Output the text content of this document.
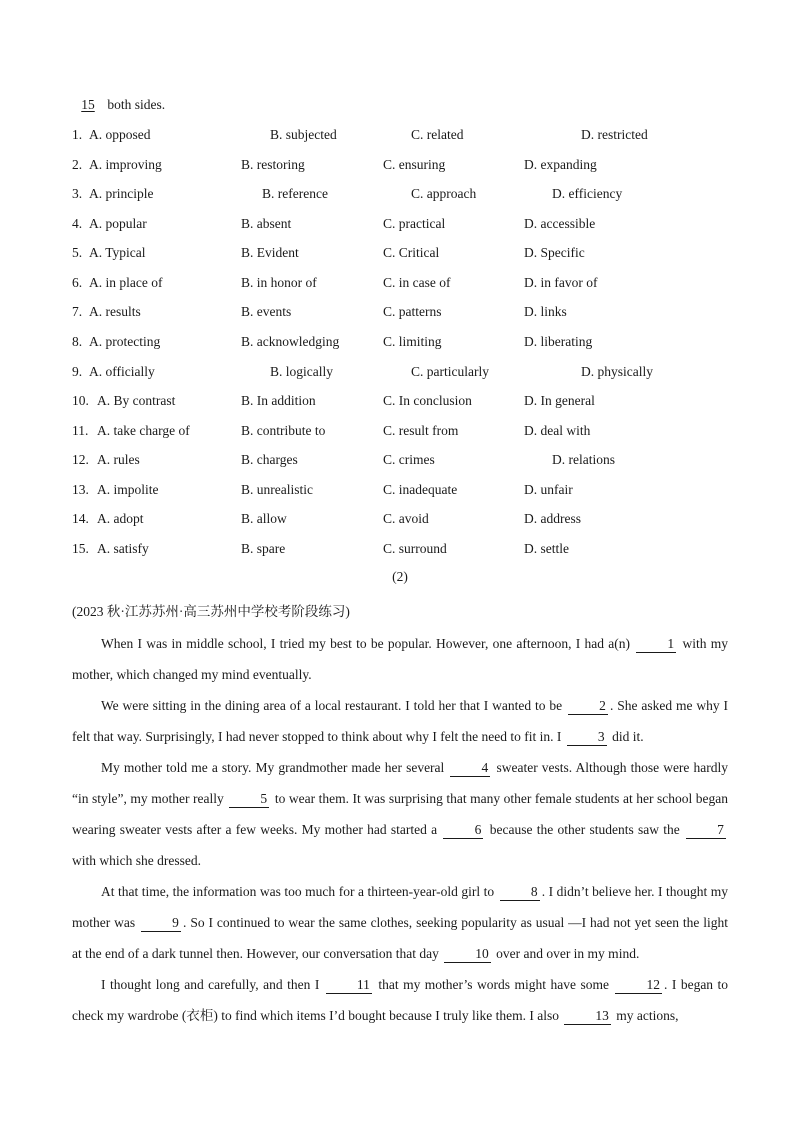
15 both sides.
1. A. opposed	B. subjected	C. related	D. restricted
2. A. improving	B. restoring	C. ensuring	D. expanding
3. A. principle	B. reference	C. approach	D. efficiency
4. A. popular	B. absent	C. practical	D. accessible
5. A. Typical	B. Evident	C. Critical	D. Specific
6. A. in place of	B. in honor of	C. in case of	D. in favor of
7. A. results	B. events	C. patterns	D. links
8. A. protecting	B. acknowledging	C. limiting	D. liberating
9. A. officially	B. logically	C. particularly	D. physically
10. A. By contrast	B. In addition	C. In conclusion	D. In general
11. A. take charge of	B. contribute to	C. result from	D. deal with
12. A. rules	B. charges	C. crimes	D. relations
13. A. impolite	B. unrealistic	C. inadequate	D. unfair
14. A. adopt	B. allow	C. avoid	D. address
15. A. satisfy	B. spare	C. surround	D. settle
(2)
(2023 秋·江苏苏州·高三苏州中学校考阶段练习)

When I was in middle school, I tried my best to be popular. However, one afternoon, I had a(n)	1 with my mother, which changed my mind eventually.

We were sitting in the dining area of a local restaurant. I told her that I wanted to be	2 . She asked me why I felt that way. Surprisingly, I had never stopped to think about why I felt the need to fit in. I	3 did it.

My mother told me a story. My grandmother made her several	4 sweater vests. Although those were hardly “in style”, my mother really	5 to wear them. It was surprising that many other female students at her school began wearing sweater vests after a few weeks. My mother had started a	6 because the other students saw the	7 with which she dressed.

At that time, the information was too much for a thirteen-year-old girl to	8 . I didn’t believe her. I thought my mother was	9 . So I continued to wear the same clothes, seeking popularity as usual —I had not yet seen the light at the end of a dark tunnel then. However, our conversation that day	10 over and over in my mind.

I thought long and carefully, and then I	11 that my mother’s words might have some	12 . I began to check my wardrobe (衣柜) to find which items I’d bought because I truly like them. I also	13 my actions,
